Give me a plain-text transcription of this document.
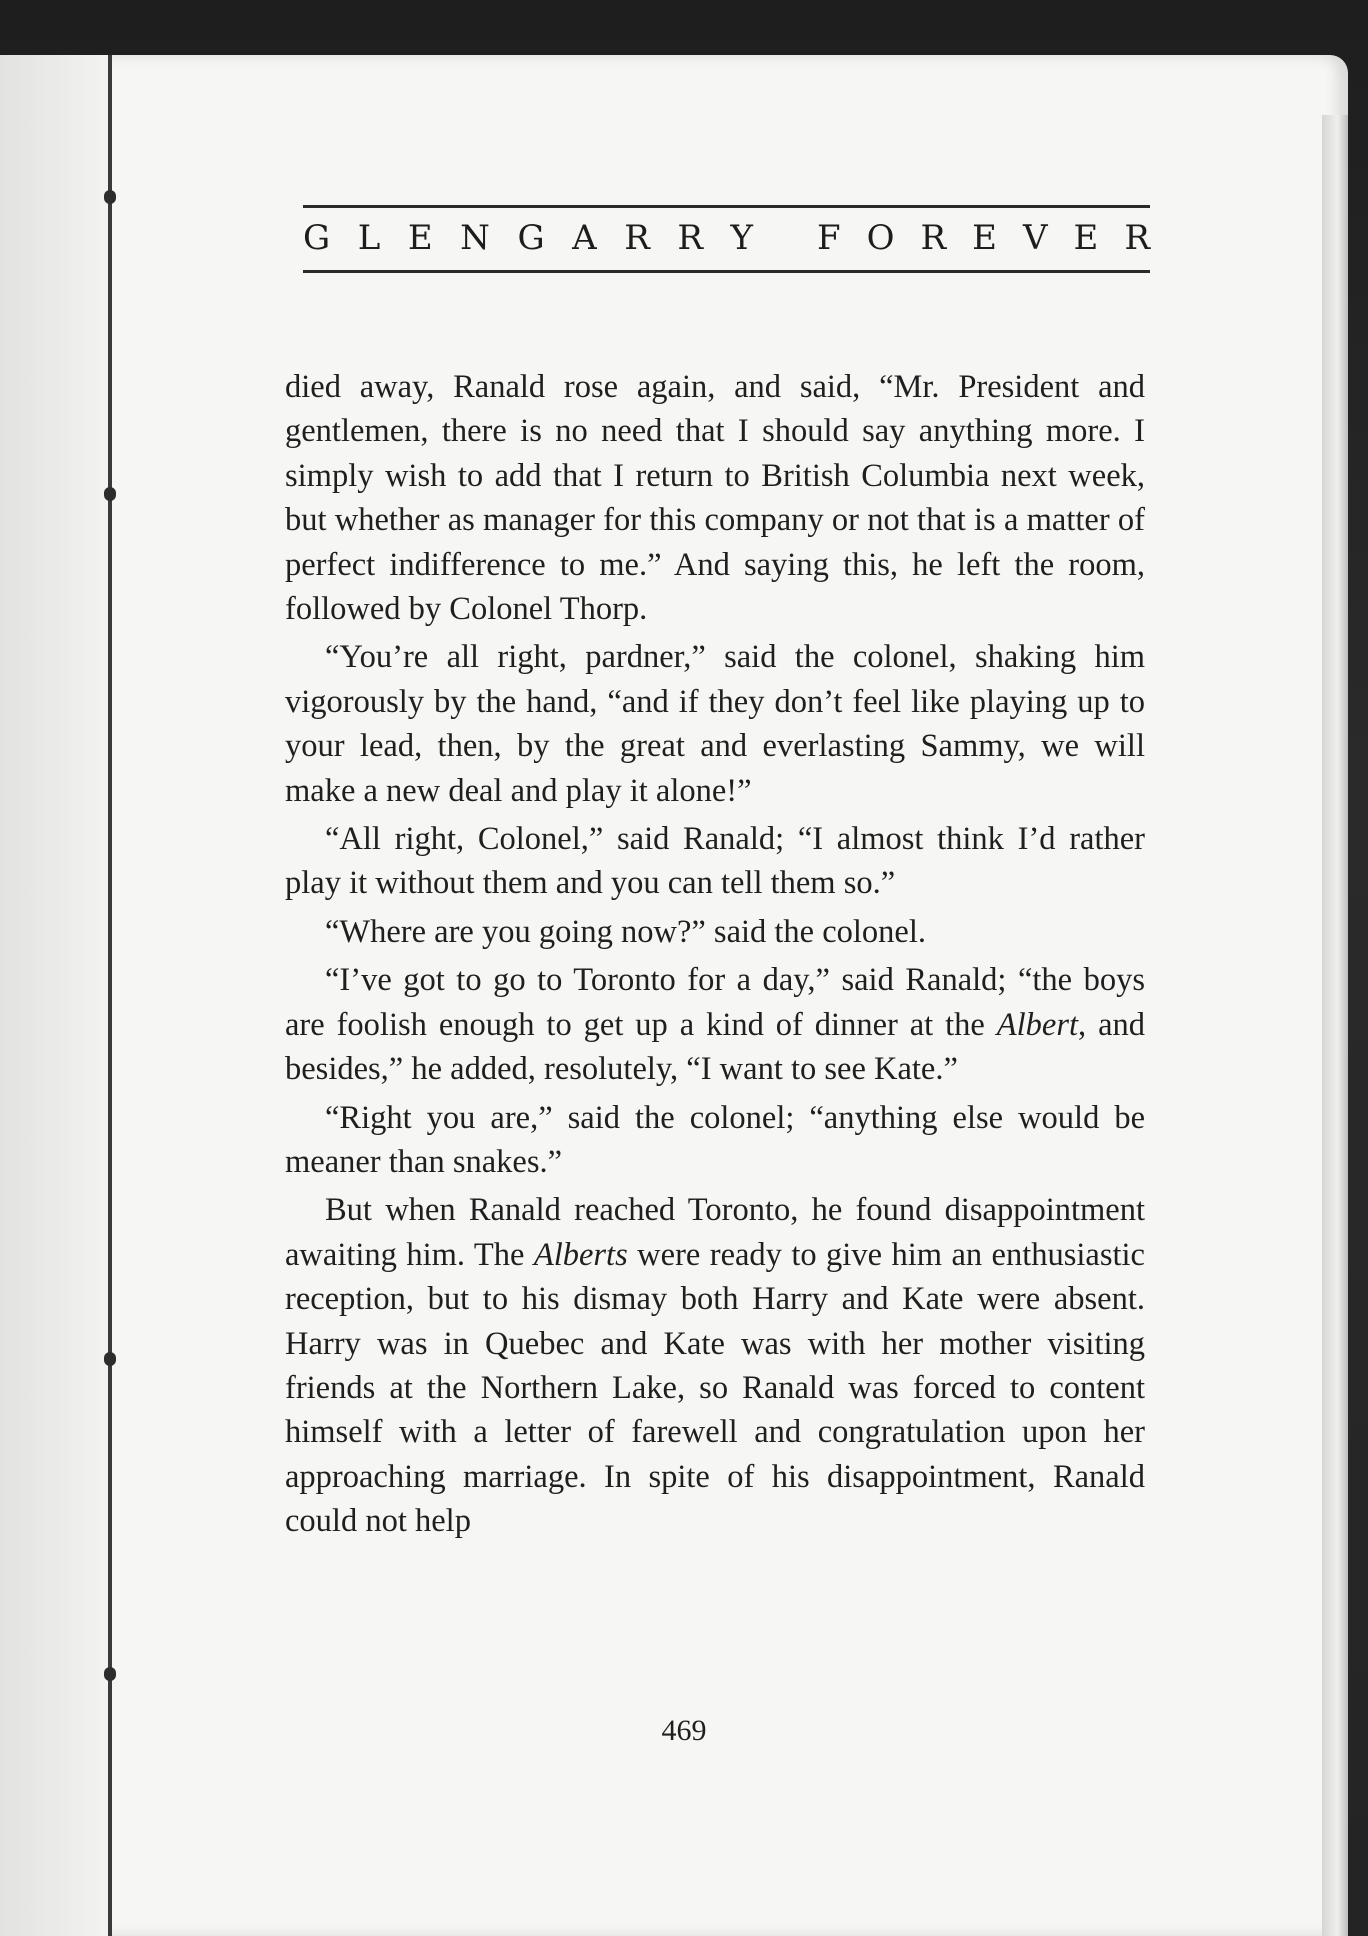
G L E N G A R R Y F O R E V E R

died away, Ranald rose again, and said, “Mr. President and gentlemen, there is no need that I should say anything more. I simply wish to add that I return to British Columbia next week, but whether as manager for this company or not that is a matter of perfect indifference to me.” And saying this, he left the room, followed by Colonel Thorp.

“You’re all right, pardner,” said the colonel, shaking him vigorously by the hand, “and if they don’t feel like playing up to your lead, then, by the great and everlasting Sammy, we will make a new deal and play it alone!”

“All right, Colonel,” said Ranald; “I almost think I’d rather play it without them and you can tell them so.”

“Where are you going now?” said the colonel.

“I’ve got to go to Toronto for a day,” said Ranald; “the boys are foolish enough to get up a kind of dinner at the Albert, and besides,” he added, resolutely, “I want to see Kate.”

“Right you are,” said the colonel; “anything else would be meaner than snakes.”

But when Ranald reached Toronto, he found disappointment awaiting him. The Alberts were ready to give him an enthusiastic reception, but to his dismay both Harry and Kate were absent. Harry was in Quebec and Kate was with her mother visiting friends at the Northern Lake, so Ranald was forced to content himself with a letter of farewell and congratulation upon her approaching marriage. In spite of his disappointment, Ranald could not help

469
